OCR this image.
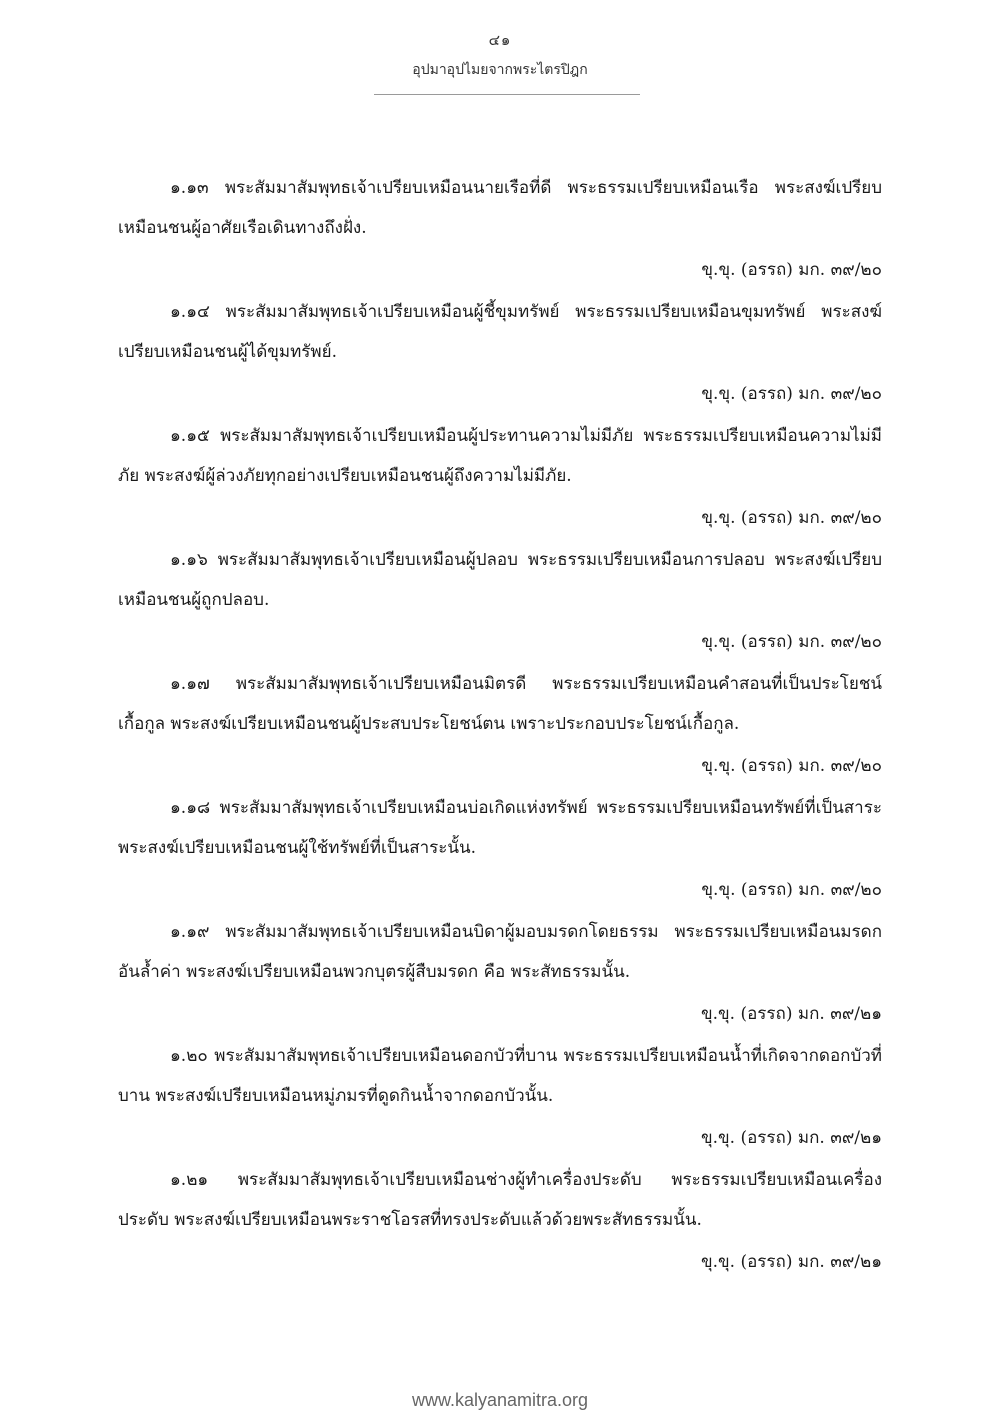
๔๑
อุปมาอุปไมยจากพระไตรปิฎก

๑.๑๓ พระสัมมาสัมพุทธเจ้าเปรียบเหมือนนายเรือที่ดี พระธรรมเปรียบเหมือนเรือ พระสงฆ์เปรียบเหมือนชนผู้อาศัยเรือเดินทางถึงฝั่ง.

ขุ.ขุ. (อรรถ) มก. ๓๙/๒๐

๑.๑๔ พระสัมมาสัมพุทธเจ้าเปรียบเหมือนผู้ชี้ขุมทรัพย์ พระธรรมเปรียบเหมือนขุมทรัพย์ พระสงฆ์เปรียบเหมือนชนผู้ได้ขุมทรัพย์.

ขุ.ขุ. (อรรถ) มก. ๓๙/๒๐

๑.๑๕ พระสัมมาสัมพุทธเจ้าเปรียบเหมือนผู้ประทานความไม่มีภัย พระธรรมเปรียบเหมือนความไม่มีภัย พระสงฆ์ผู้ล่วงภัยทุกอย่างเปรียบเหมือนชนผู้ถึงความไม่มีภัย.

ขุ.ขุ. (อรรถ) มก. ๓๙/๒๐

๑.๑๖ พระสัมมาสัมพุทธเจ้าเปรียบเหมือนผู้ปลอบ พระธรรมเปรียบเหมือนการปลอบ พระสงฆ์เปรียบเหมือนชนผู้ถูกปลอบ.

ขุ.ขุ. (อรรถ) มก. ๓๙/๒๐

๑.๑๗ พระสัมมาสัมพุทธเจ้าเปรียบเหมือนมิตรดี พระธรรมเปรียบเหมือนคำสอนที่เป็นประโยชน์เกื้อกูล พระสงฆ์เปรียบเหมือนชนผู้ประสบประโยชน์ตน เพราะประกอบประโยชน์เกื้อกูล.

ขุ.ขุ. (อรรถ) มก. ๓๙/๒๐

๑.๑๘ พระสัมมาสัมพุทธเจ้าเปรียบเหมือนบ่อเกิดแห่งทรัพย์ พระธรรมเปรียบเหมือนทรัพย์ที่เป็นสาระ พระสงฆ์เปรียบเหมือนชนผู้ใช้ทรัพย์ที่เป็นสาระนั้น.

ขุ.ขุ. (อรรถ) มก. ๓๙/๒๐

๑.๑๙ พระสัมมาสัมพุทธเจ้าเปรียบเหมือนบิดาผู้มอบมรดกโดยธรรม พระธรรมเปรียบเหมือนมรดกอันล้ำค่า พระสงฆ์เปรียบเหมือนพวกบุตรผู้สืบมรดก คือ พระสัทธรรมนั้น.

ขุ.ขุ. (อรรถ) มก. ๓๙/๒๑

๑.๒๐ พระสัมมาสัมพุทธเจ้าเปรียบเหมือนดอกบัวที่บาน พระธรรมเปรียบเหมือนน้ำที่เกิดจากดอกบัวที่บาน พระสงฆ์เปรียบเหมือนหมู่ภมรที่ดูดกินน้ำจากดอกบัวนั้น.

ขุ.ขุ. (อรรถ) มก. ๓๙/๒๑

๑.๒๑ พระสัมมาสัมพุทธเจ้าเปรียบเหมือนช่างผู้ทำเครื่องประดับ พระธรรมเปรียบเหมือนเครื่องประดับ พระสงฆ์เปรียบเหมือนพระราชโอรสที่ทรงประดับแล้วด้วยพระสัทธรรมนั้น.

ขุ.ขุ. (อรรถ) มก. ๓๙/๒๑
www.kalyanamitra.org
